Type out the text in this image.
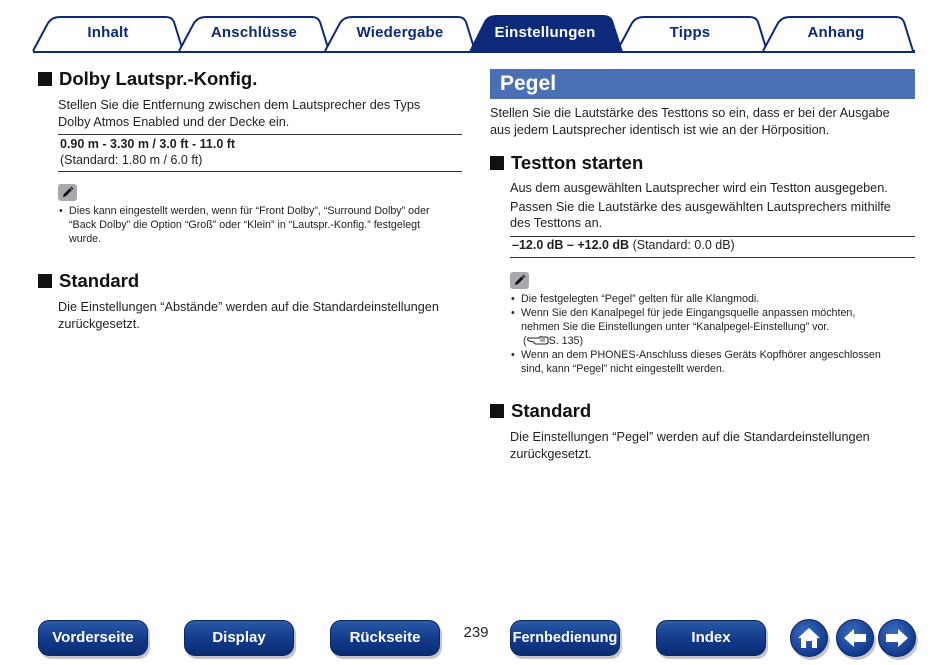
Inhalt	Anschlüsse	Wiedergabe	Einstellungen	Tipps	Anhang
Dolby Lautspr.-Konfig.
Stellen Sie die Entfernung zwischen dem Lautsprecher des Typs
Dolby Atmos Enabled und der Decke ein.
0.90 m - 3.30 m / 3.0 ft - 11.0 ft
(Standard: 1.80 m / 6.0 ft)
• Dies kann eingestellt werden, wenn für “Front Dolby”, “Surround Dolby” oder
“Back Dolby” die Option “Groß” oder “Klein” in “Lautspr.-Konfig.” festgelegt
wurde.
Standard
Die Einstellungen “Abstände” werden auf die Standardeinstellungen
zurückgesetzt.
Pegel
Stellen Sie die Lautstärke des Testtons so ein, dass er bei der Ausgabe
aus jedem Lautsprecher identisch ist wie an der Hörposition.
Testton starten
Aus dem ausgewählten Lautsprecher wird ein Testton ausgegeben.
Passen Sie die Lautstärke des ausgewählten Lautsprechers mithilfe
des Testtons an.
–12.0 dB – +12.0 dB (Standard: 0.0 dB)
• Die festgelegten “Pegel” gelten für alle Klangmodi.
• Wenn Sie den Kanalpegel für jede Eingangsquelle anpassen möchten,
nehmen Sie die Einstellungen unter “Kanalpegel-Einstellung” vor.
( S. 135)
• Wenn an dem PHONES-Anschluss dieses Geräts Kopfhörer angeschlossen
sind, kann “Pegel” nicht eingestellt werden.
Standard
Die Einstellungen “Pegel” werden auf die Standardeinstellungen
zurückgesetzt.
Vorderseite	Display	Rückseite	239	Fernbedienung	Index
